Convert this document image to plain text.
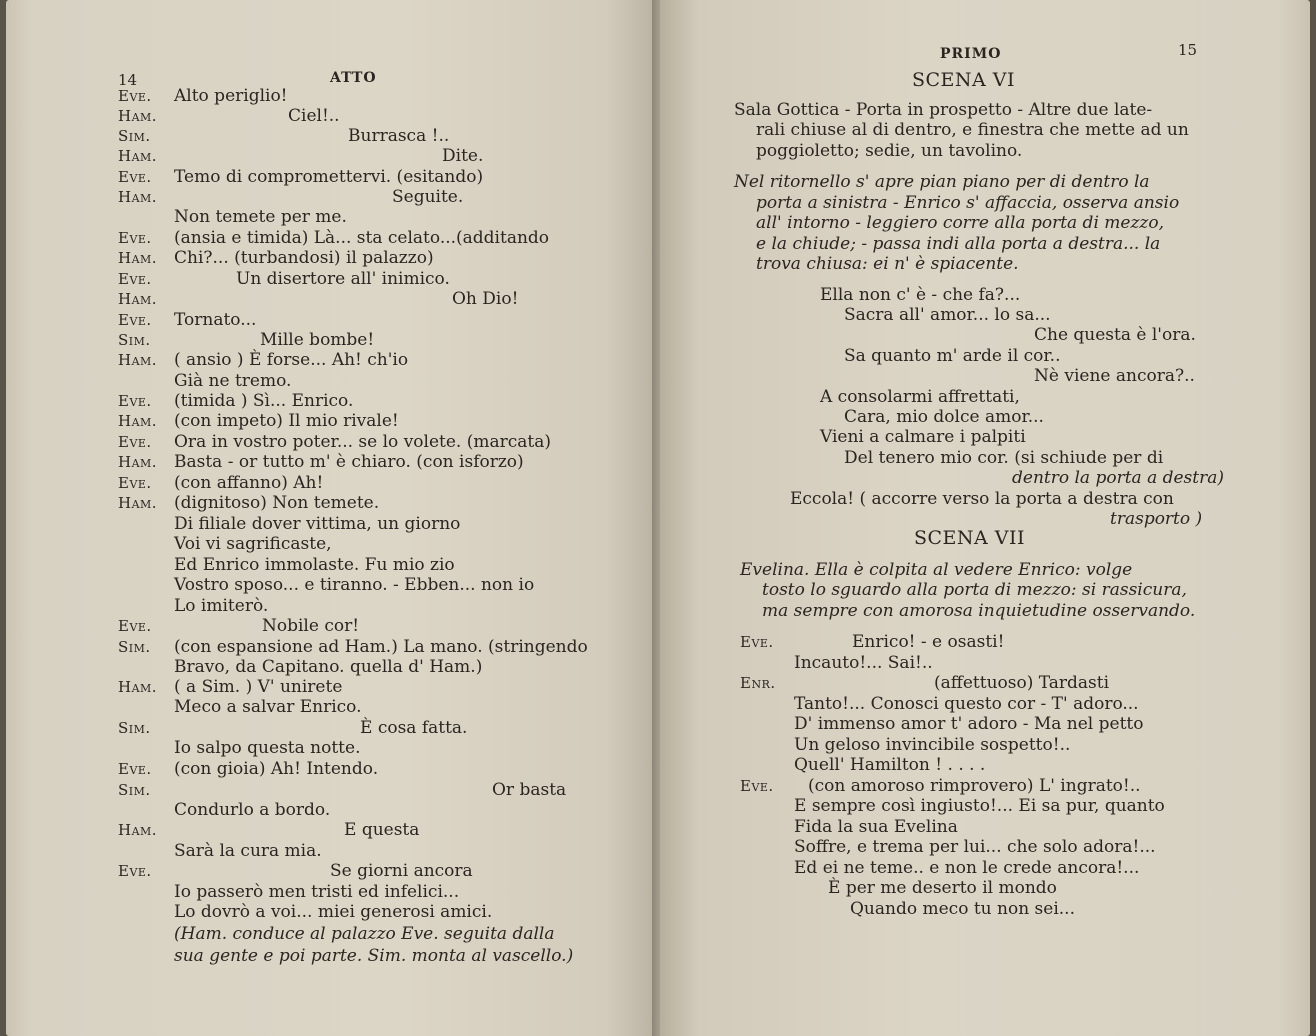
14	ATTO
Eve. Alto periglio!
Ham.	Ciel!..
Sim.	Burrasca !..
Ham.	Dite.
Eve. Temo di compromettervi. (esitando)
Ham.	Seguite.
Non temete per me.
Eve. (ansia e timida) Là... sta celato...(additando
Ham. Chi?... (turbandosi) il palazzo)
Eve.	Un disertore all' inimico.
Ham.	Oh Dio!
Eve. Tornato...
Sim.	Mille bombe!
Ham. ( ansio ) È forse... Ah! ch'io
Già ne tremo.
Eve. (timida ) Sì... Enrico.
Ham. (con impeto) Il mio rivale!
Eve. Ora in vostro poter... se lo volete. (marcata)
Ham. Basta - or tutto m' è chiaro. (con isforzo)
Eve. (con affanno) Ah!
Ham. (dignitoso) Non temete.
Di filiale dover vittima, un giorno
Voi vi sagrificaste,
Ed Enrico immolaste. Fu mio zio
Vostro sposo... e tiranno. - Ebben... non io
Lo imiterò.
Eve.	Nobile cor!
Sim. (con espansione ad Ham.) La mano. (stringendo
Bravo, da Capitano. quella d' Ham.)
Ham. ( a Sim. ) V' unirete
Meco a salvar Enrico.
Sim.	È cosa fatta.
Io salpo questa notte.
Eve. (con gioia) Ah! Intendo.
Sim.	Or basta
Condurlo a bordo.
Ham.	E questa
Sarà la cura mia.
Eve.	Se giorni ancora
Io passerò men tristi ed infelici...
Lo dovrò a voi... miei generosi amici.
(Ham. conduce al palazzo Eve. seguita dalla
sua gente e poi parte. Sim. monta al vascello.)
PRIMO	15
SCENA VI
Sala Gottica - Porta in prospetto - Altre due late-
rali chiuse al di dentro, e finestra che mette ad un
poggioletto; sedie, un tavolino.
Nel ritornello s' apre pian piano per di dentro la
porta a sinistra - Enrico s' affaccia, osserva ansio
all' intorno - leggiero corre alla porta di mezzo,
e la chiude; - passa indi alla porta a destra... la
trova chiusa: ei n' è spiacente.
Ella non c' è - che fa?...
Sacra all' amor... lo sa...
Che questa è l'ora.
Sa quanto m' arde il cor..
Nè viene ancora?..
A consolarmi affrettati,
Cara, mio dolce amor...
Vieni a calmare i palpiti
Del tenero mio cor. (si schiude per di
dentro la porta a destra)
Eccola! ( accorre verso la porta a destra con
trasporto )
Evelina. Ella è colpita al vedere Enrico: volge
tosto lo sguardo alla porta di mezzo: si rassicura,
ma sempre con amorosa inquietudine osservando.
Eve.	Enrico! - e osasti!
Incauto!... Sai!..
Enr.	(affettuoso) Tardasti
Tanto!... Conosci questo cor - T' adoro...
D' immenso amor t' adoro - Ma nel petto
Un geloso invincibile sospetto!..
Quell' Hamilton ! . . . .
Eve. (con amoroso rimprovero) L' ingrato!..
E sempre così ingiusto!... Ei sa pur, quanto
Fida la sua Evelina
Soffre, e trema per lui... che solo adora!...
Ed ei ne teme.. e non le crede ancora!...
È per me deserto il mondo
Quando meco tu non sei...
SCENA VII
